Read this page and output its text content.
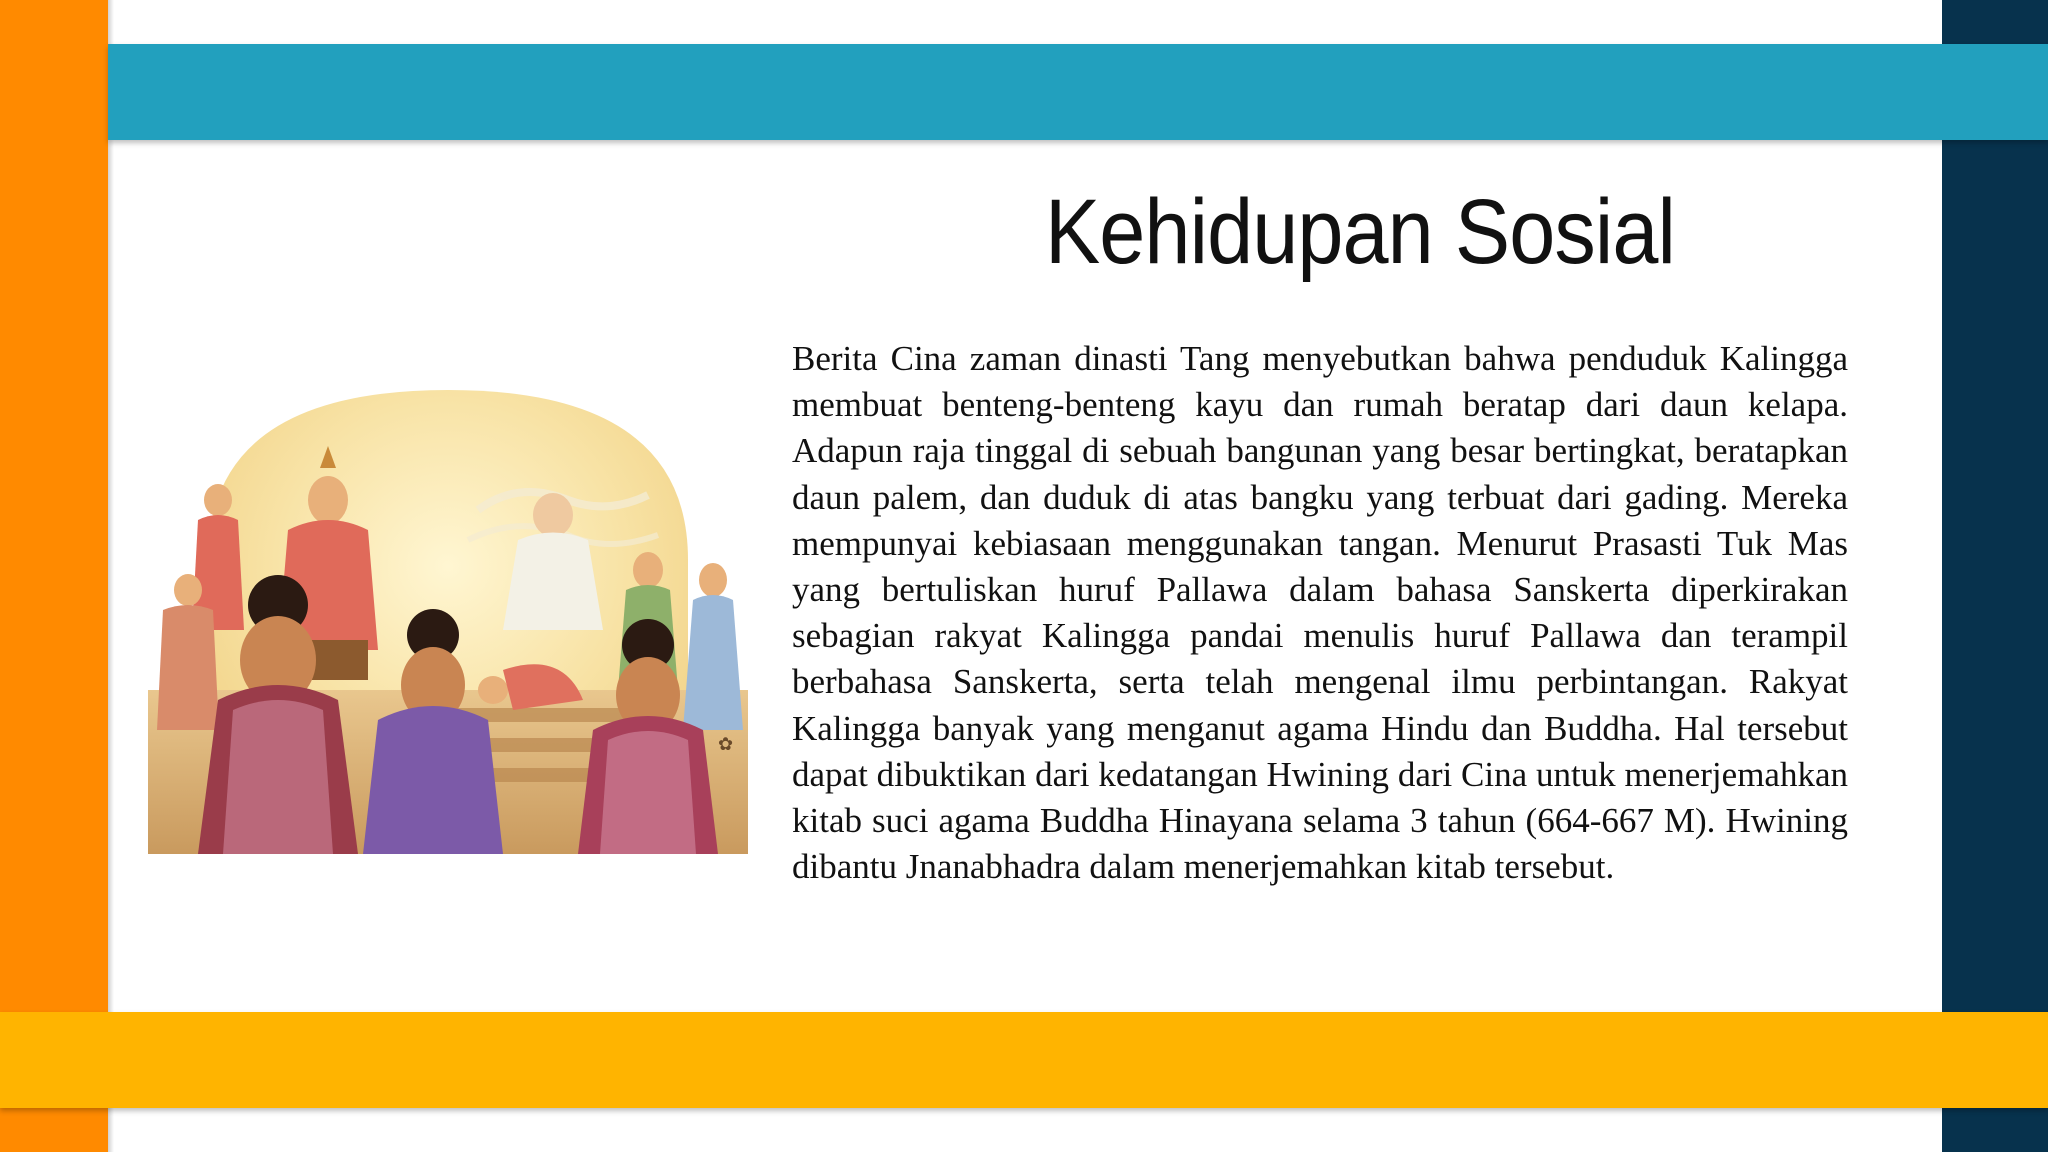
Kehidupan Sosial

Berita Cina zaman dinasti Tang menyebutkan bahwa penduduk Kalingga membuat benteng-benteng kayu dan rumah beratap dari daun kelapa. Adapun raja tinggal di sebuah bangunan yang besar bertingkat, beratapkan daun palem, dan duduk di atas bangku yang terbuat dari gading. Mereka mempunyai kebiasaan menggunakan tangan. Menurut Prasasti Tuk Mas yang bertuliskan huruf Pallawa dalam bahasa Sanskerta diperkirakan sebagian rakyat Kalingga pandai menulis huruf Pallawa dan terampil berbahasa Sanskerta, serta telah mengenal ilmu perbintangan. Rakyat Kalingga banyak yang menganut agama Hindu dan Buddha. Hal tersebut dapat dibuktikan dari kedatangan Hwining dari Cina untuk menerjemahkan kitab suci agama Buddha Hinayana selama 3 tahun (664-667 M). Hwining dibantu Jnanabhadra dalam menerjemahkan kitab tersebut.

✿
